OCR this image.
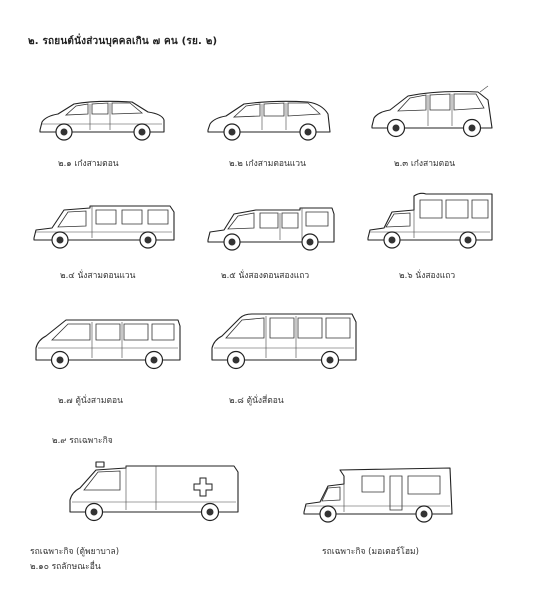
๒. รถยนต์นั่งส่วนบุคคลเกิน ๗ คน (รย. ๒)
๒.๑ เก๋งสามตอน	๒.๒ เก๋งสามตอนแวน	๒.๓ เก๋งสามตอน
๒.๔ นั่งสามตอนแวน	๒.๕ นั่งสองตอนสองแถว	๒.๖ นั่งสองแถว
๒.๗ ตู้นั่งสามตอน	๒.๘ ตู้นั่งสี่ตอน
๒.๙ รถเฉพาะกิจ
รถเฉพาะกิจ (ตู้พยาบาล)	รถเฉพาะกิจ (มอเตอร์โฮม)
๒.๑๐ รถลักษณะอื่น
